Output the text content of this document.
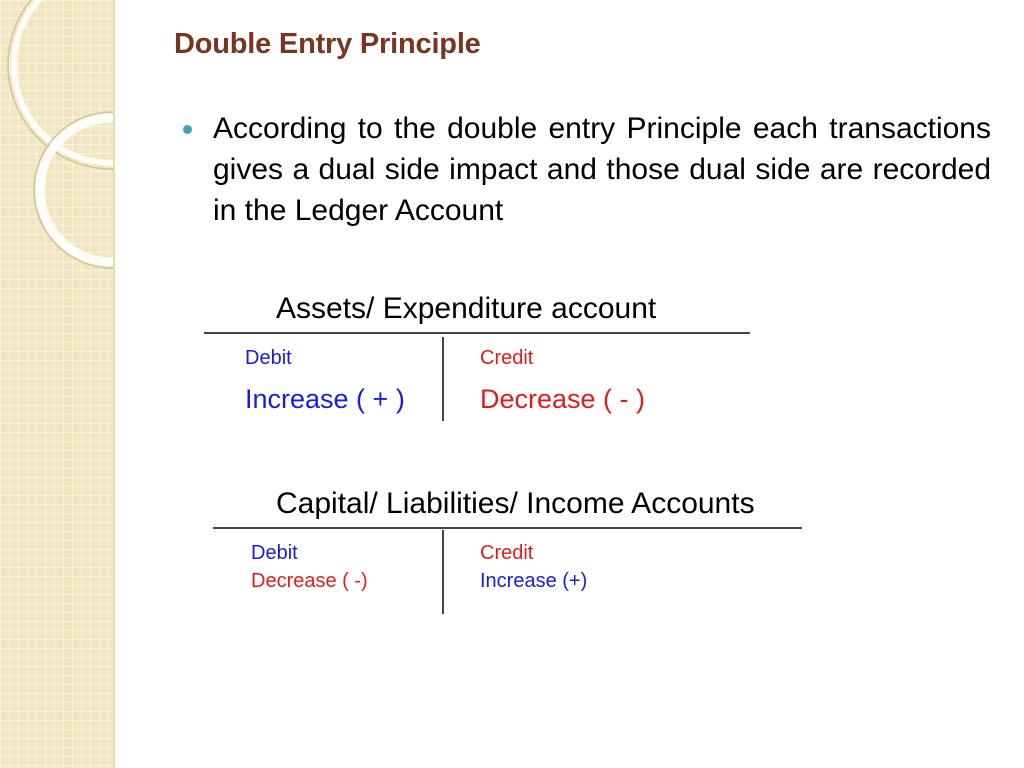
Double Entry Principle

According to the double entry Principle each transactions gives a dual side impact and those dual side are recorded in the Ledger Account

Assets/ Expenditure account

Debit

Increase ( + )

Credit

Decrease ( - )

Capital/ Liabilities/ Income Accounts

Debit

Decrease ( -)

Credit

Increase (+)
